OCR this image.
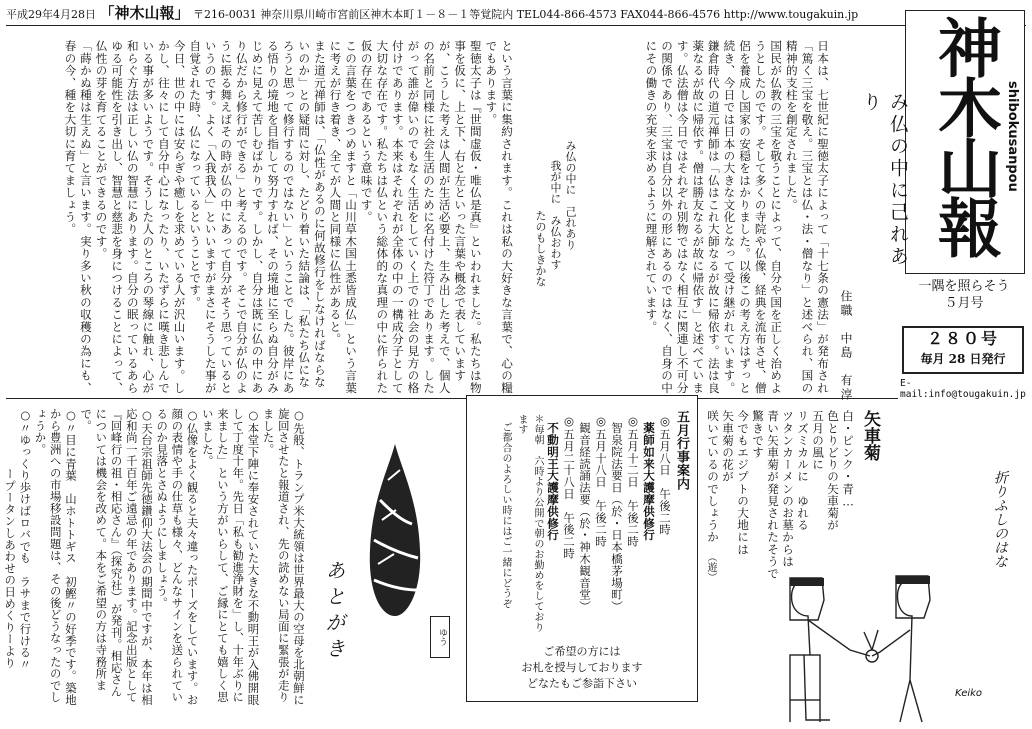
平成29年4月28日 「神木山報」 〒216-0031 神奈川県川崎市宮前区神木本町１－８－１等覚院内 TEL044-866-4573 FAX044-866-4576 http://www.tougakuin.jp
神木山報 shibokusanpou
一隅を照らそう
５月号
２８０号
毎月 28 日発行
E-mail:info@tougakuin.jp
み仏の中に己れあり
住職　中島　有淳

日本は、七世紀に聖徳太子によって「十七条の憲法」が発布され「篤く三宝を敬え。三宝とは仏・法・僧なり」と述べられ、国の精神的支柱を創定されました。

国民が仏教の三宝を敬うことによって、自分や国を正しく治めようとしたのです。そして多くの寺院や仏像、経典を流布させ、僧侶を養成し国家の安穏をはかりました。以後この考え方はずっと続き、今日では日本の大きな文化となって受け継がれています。

鎌倉時代の道元禅師は「仏はこれ大師なるが故に帰依す。法は良薬なるが故に帰依す。僧は勝友なるが故に帰依す」と述べています。仏法僧は今日ではそれぞれ別物ではなく相互に関連し不可分の関係であり、三宝は自分以外の形にあるのではなく、自身の中にその働きの充実を求めるように理解されています。

み仏の中に　己れあり

我が中に　み仏おわす

たのもしきかな

という言葉に集約されます。これは私の大好きな言葉で、心の糧でもあります。

聖徳太子は『世間虚仮・唯仏是真』といわれました。私たちは物事を仮に、上と下、右と左といった言葉や概念で表していますが、こうした考えは人間が生活必要上、生み出した考えで、個人の名前と同様に社会生活のために名付けた符丁であります。したがって誰が偉いのでもなく生活をしていく上での社会の見方の格付けであります。本来はそれぞれが全体の中の一構成分子として大切な存在です。私たちは仏という総体的な真理の中に作られた仮の存在であるという意味です。

この言葉をつきつめますと「山川草木国土悉皆成仏」という言葉に考えが行き着き、全てが人間と同様に仏性があると。

また道元禅師は、「仏性があるのに何故修行をしなければならないのか」との疑問に対し、たどり着いた結論は、「私たち仏になろうと思って修行するのではない」ということでした。彼岸にある悟りの境地を目指して努力すれば、その境地に至らぬ自分がみじめに見えて苦しむばかりです。しかし、自分は既に仏の中にあり仏だから修行ができる」と考えるのです。そこで自分が仏のように振る舞えばその時が仏の中にあって自分がそう思っているというのです。よく「入我我入」といいますがまさにそうした事が自覚された時、仏になっているということです。

今日、世の中には安らぎや癒しを求めている人が沢山います。しかし、往々にして自分中心になったり、いたずらに嘆き悲しんでいる事が多いようです。そうした人のところの琴線に触れ、心が和らぐ方法は正しい仏の智慧にあります。自分の眠っているあらゆる可能性を引き出し、智慧と慈悲を身につけることによって、仏性の芽を育てることができるのです。

「蒔かぬ種は生えぬ」と言います。実り多い秋の収穫の為にも、春の今、種を大切に育てましょう。

矢車菊
白・ピンク・青…
色とりどりの矢車菊が
五月の風に
リズミカルに　ゆれる
ツタンカーメンのお墓からは
青い矢車菊が発見されたそうで
驚きです
今でもエジプトの大地には
矢車菊の花が
咲いているのでしょうか
（遊）	折りふしのはな
五月行事案内
◎五月八日　午後二時
薬師如来大護摩供修行
◎五月十二日　午後二時
智泉院法要日（於・日本橋茅場町）
◎五月十八日　午後二時
観音経読誦法要（於・神木観音堂）
◎五月二十八日　午後二時
不動明王大護摩供修行
＊毎朝　六時より公開で朝のお勤めをしております
ご都合のよろしい時にはご一緒にどうぞ
ご希望の方には
お札を授与しております
どなたもご参詣下さい
あとがき

○先般、トランプ米大統領は世界最大の空母を北朝鮮に旋回させたと報道され、先の読めない局面に緊張が走りました。

○本堂下陣に奉安されていた大きな不動明王が入佛開眼して丁度十年。先日「私も勧進浄財を」し、十年ぶりに来ました」という方がいらして、ご縁にとても嬉しく思いました。

○仏像をよく観ると夫々違ったポーズをしています。お顔の表情や手の仕草も様々、どんなサインを送られているのか見落とさぬようにしましょう。

○天台宗祖師先徳鑽仰大法会の期間中ですが、本年は相応和尚一千百年ご遠忌の年であります。記念出版として『回峰行の祖・相応さん』（探究社）が発刊。相応さんについては機会を改めて。本をご希望の方は寺務所まで。

○〃目に青葉　山ホトトギス　初鰹〃の好季です。築地から豊洲への市場移設問題は、その後どうなったのでしょうか。

○〃ゆっくり歩けばロバでも　ラサまで行ける〃

ープータンしあわせの日めくりーより	ゆう
Keiko
